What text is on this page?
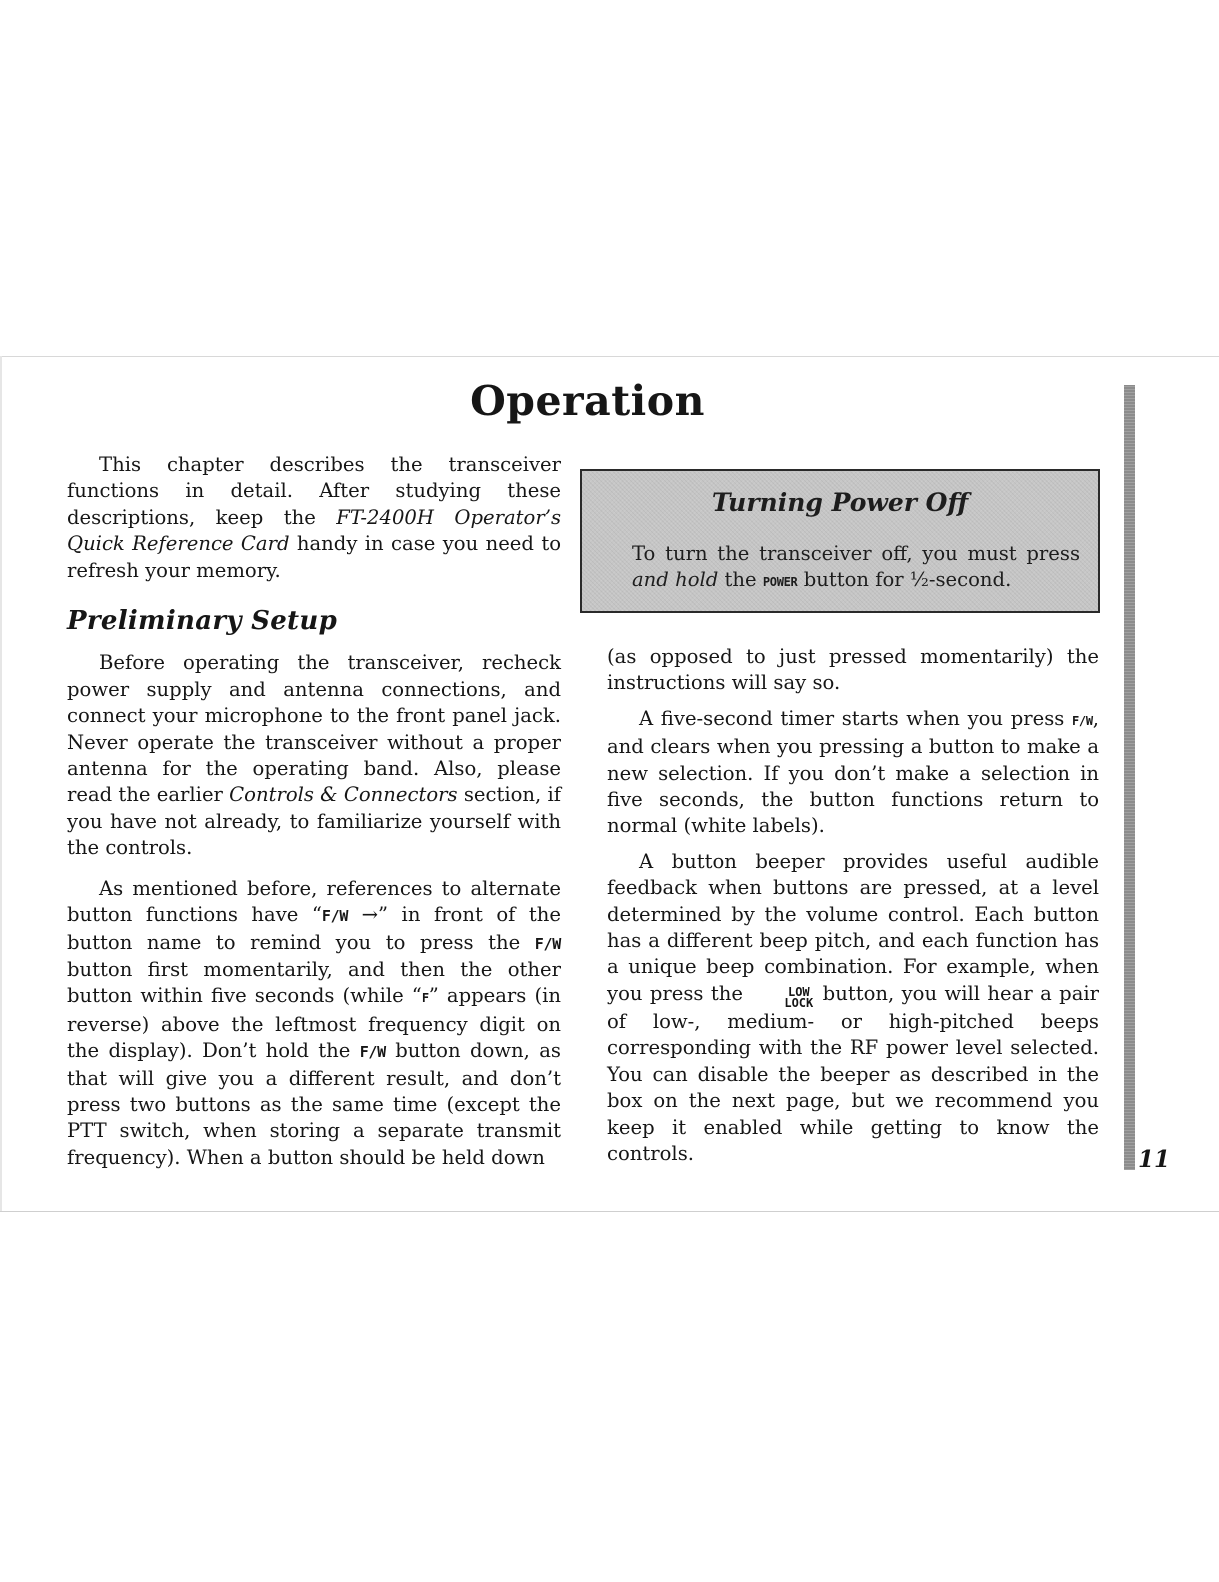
Operation

This chapter describes the transceiver functions in detail. After studying these descriptions, keep the FT-2400H Operator’s Quick Reference Card handy in case you need to refresh your memory.

Preliminary Setup

Before operating the transceiver, recheck power supply and antenna connections, and connect your microphone to the front panel jack. Never operate the transceiver without a proper antenna for the operating band. Also, please read the earlier Controls & Connectors section, if you have not already, to familiarize yourself with the controls.

As mentioned before, references to alternate button functions have “F/W →” in front of the button name to remind you to press the F/W button first momentarily, and then the other button within five seconds (while “F” appears (in reverse) above the leftmost frequency digit on the display). Don’t hold the F/W button down, as that will give you a different result, and don’t press two buttons as the same time (except the PTT switch, when storing a separate transmit frequency). When a button should be held down

Turning Power Off

To turn the transceiver off, you must press and hold the POWER button for ½-second.

(as opposed to just pressed momentarily) the instructions will say so.

A five-second timer starts when you press F/W, and clears when you pressing a button to make a new selection. If you don’t make a selection in five seconds, the button functions return to normal (white labels).

A button beeper provides useful audible feedback when buttons are pressed, at a level determined by the volume control. Each button has a different beep pitch, and each function has a unique beep combination. For example, when you press the	LOW
LOCK button, you will hear a pair of low-, medium- or high-pitched beeps corresponding with the RF power level selected. You can disable the beeper as described in the box on the next page, but we recommend you keep it enabled while getting to know the controls.	11
